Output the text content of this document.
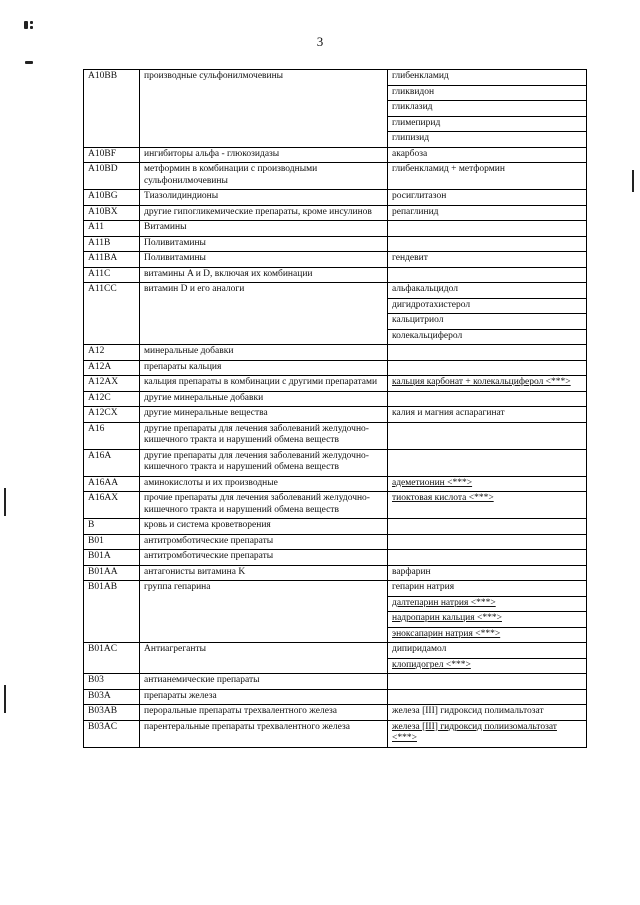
3
A10BB	производные сульфонилмочевины	глибенкламид
		гликвидон
		гликлазид
		глимепирид
		глипизид
A10BF	ингибиторы альфа - глюкозидазы	акарбоза
A10BD	метформин в комбинации с производными сульфонилмочевины	глибенкламид + метформин
A10BG	Тиазолидиндионы	росиглитазон
A10BX	другие гипогликемические препараты, кроме инсулинов	репаглинид
A11	Витамины	
A11B	Поливитамины	
A11BA	Поливитамины	гендевит
A11C	витамины A и D, включая их комбинации	
A11CC	витамин D и его аналоги	альфакальцидол
		дигидротахистерол
		кальцитриол
		колекальциферол
A12	минеральные добавки	
A12A	препараты кальция	
A12AX	кальция препараты в комбинации с другими препаратами	кальция карбонат + колекальциферол <***>
A12C	другие минеральные добавки	
A12CX	другие минеральные вещества	калия и магния аспарагинат
A16	другие препараты для лечения заболеваний желудочно-кишечного тракта и нарушений обмена веществ	
A16A	другие препараты для лечения заболеваний желудочно-кишечного тракта и нарушений обмена веществ	
A16AA	аминокислоты и их производные	адеметионин <***>
A16AX	прочие препараты для лечения заболеваний желудочно-кишечного тракта и нарушений обмена веществ	тиоктовая кислота <***>
B	кровь и система кроветворения	
B01	антитромботические препараты	
B01A	антитромботические препараты	
B01AA	антагонисты витамина K	варфарин
B01AB	группа гепарина	гепарин натрия
		далтепарин натрия <***>
		надропарин кальция <***>
		эноксапарин натрия <***>
B01AC	Антиагреганты	дипиридамол
		клопидогрел <***>
B03	антианемические препараты	
B03A	препараты железа	
B03AB	пероральные препараты трехвалентного железа	железа [III] гидроксид полимальтозат
B03AC	парентеральные препараты трехвалентного железа	железа [III] гидроксид полиизомальтозат <***>
